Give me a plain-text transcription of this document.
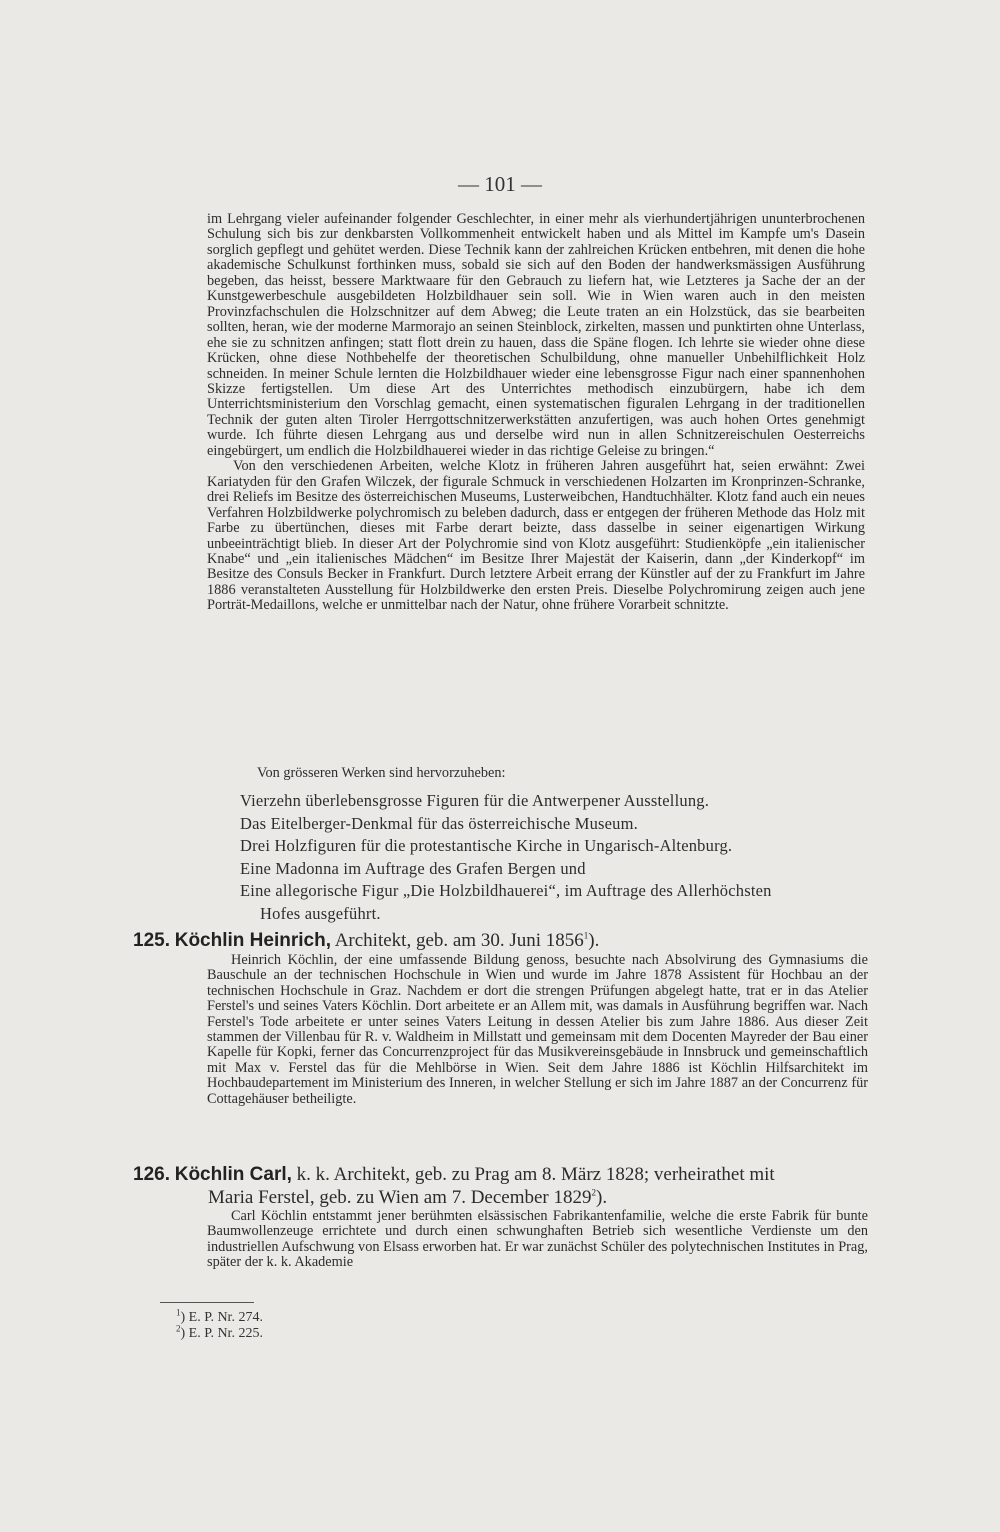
— 101 —

im Lehrgang vieler aufeinander folgender Geschlechter, in einer mehr als vierhundertjährigen ununterbrochenen Schulung sich bis zur denkbarsten Vollkommenheit entwickelt haben und als Mittel im Kampfe um's Dasein sorglich gepflegt und gehütet werden. Diese Technik kann der zahlreichen Krücken entbehren, mit denen die hohe akademische Schulkunst forthinken muss, sobald sie sich auf den Boden der handwerksmässigen Ausführung begeben, das heisst, bessere Marktwaare für den Gebrauch zu liefern hat, wie Letzteres ja Sache der an der Kunstgewerbeschule ausgebildeten Holzbildhauer sein soll. Wie in Wien waren auch in den meisten Provinzfachschulen die Holzschnitzer auf dem Abweg; die Leute traten an ein Holzstück, das sie bearbeiten sollten, heran, wie der moderne Marmorajo an seinen Steinblock, zirkelten, massen und punktirten ohne Unterlass, ehe sie zu schnitzen anfingen; statt flott drein zu hauen, dass die Späne flogen. Ich lehrte sie wieder ohne diese Krücken, ohne diese Nothbehelfe der theoretischen Schulbildung, ohne manueller Unbehilflichkeit Holz schneiden. In meiner Schule lernten die Holzbildhauer wieder eine lebensgrosse Figur nach einer spannenhohen Skizze fertigstellen. Um diese Art des Unterrichtes methodisch einzubürgern, habe ich dem Unterrichtsministerium den Vorschlag gemacht, einen systematischen figuralen Lehrgang in der traditionellen Technik der guten alten Tiroler Herrgottschnitzerwerkstätten anzufertigen, was auch hohen Ortes genehmigt wurde. Ich führte diesen Lehrgang aus und derselbe wird nun in allen Schnitzereischulen Oesterreichs eingebürgert, um endlich die Holzbildhauerei wieder in das richtige Geleise zu bringen.“

Von den verschiedenen Arbeiten, welche Klotz in früheren Jahren ausgeführt hat, seien erwähnt: Zwei Kariatyden für den Grafen Wilczek, der figurale Schmuck in verschiedenen Holzarten im Kronprinzen-Schranke, drei Reliefs im Besitze des österreichischen Museums, Lusterweibchen, Handtuchhälter. Klotz fand auch ein neues Verfahren Holzbildwerke polychromisch zu beleben dadurch, dass er entgegen der früheren Methode das Holz mit Farbe zu übertünchen, dieses mit Farbe derart beizte, dass dasselbe in seiner eigenartigen Wirkung unbeeinträchtigt blieb. In dieser Art der Polychromie sind von Klotz ausgeführt: Studienköpfe „ein italienischer Knabe“ und „ein italienisches Mädchen“ im Besitze Ihrer Majestät der Kaiserin, dann „der Kinderkopf“ im Besitze des Consuls Becker in Frankfurt. Durch letztere Arbeit errang der Künstler auf der zu Frankfurt im Jahre 1886 veranstalteten Ausstellung für Holzbildwerke den ersten Preis. Dieselbe Polychromirung zeigen auch jene Porträt-Medaillons, welche er unmittelbar nach der Natur, ohne frühere Vorarbeit schnitzte.

Von grösseren Werken sind hervorzuheben:
Vierzehn überlebensgrosse Figuren für die Antwerpener Ausstellung.
Das Eitelberger-Denkmal für das österreichische Museum.
Drei Holzfiguren für die protestantische Kirche in Ungarisch-Altenburg.
Eine Madonna im Auftrage des Grafen Bergen und
Eine allegorische Figur „Die Holzbildhauerei“, im Auftrage des Allerhöchsten
Hofes ausgeführt.
125. Köchlin Heinrich, Architekt, geb. am 30. Juni 1856$^1$).

Heinrich Köchlin, der eine umfassende Bildung genoss, besuchte nach Absolvirung des Gymnasiums die Bauschule an der technischen Hochschule in Wien und wurde im Jahre 1878 Assistent für Hochbau an der technischen Hochschule in Graz. Nachdem er dort die strengen Prüfungen abgelegt hatte, trat er in das Atelier Ferstel's und seines Vaters Köchlin. Dort arbeitete er an Allem mit, was damals in Ausführung begriffen war. Nach Ferstel's Tode arbeitete er unter seines Vaters Leitung in dessen Atelier bis zum Jahre 1886. Aus dieser Zeit stammen der Villenbau für R. v. Waldheim in Millstatt und gemeinsam mit dem Docenten Mayreder der Bau einer Kapelle für Kopki, ferner das Concurrenzproject für das Musikvereinsgebäude in Innsbruck und gemeinschaftlich mit Max v. Ferstel das für die Mehlbörse in Wien. Seit dem Jahre 1886 ist Köchlin Hilfsarchitekt im Hochbaudepartement im Ministerium des Inneren, in welcher Stellung er sich im Jahre 1887 an der Concurrenz für Cottagehäuser betheiligte.

126. Köchlin Carl, k. k. Architekt, geb. zu Prag am 8. März 1828; verheirathet mit
Maria Ferstel, geb. zu Wien am 7. December 1829$^2$).

Carl Köchlin entstammt jener berühmten elsässischen Fabrikantenfamilie, welche die erste Fabrik für bunte Baumwollenzeuge errichtete und durch einen schwunghaften Betrieb sich wesentliche Verdienste um den industriellen Aufschwung von Elsass erworben hat. Er war zunächst Schüler des polytechnischen Institutes in Prag, später der k. k. Akademie

$^1$) E. P. Nr. 274.
$^2$) E. P. Nr. 225.
